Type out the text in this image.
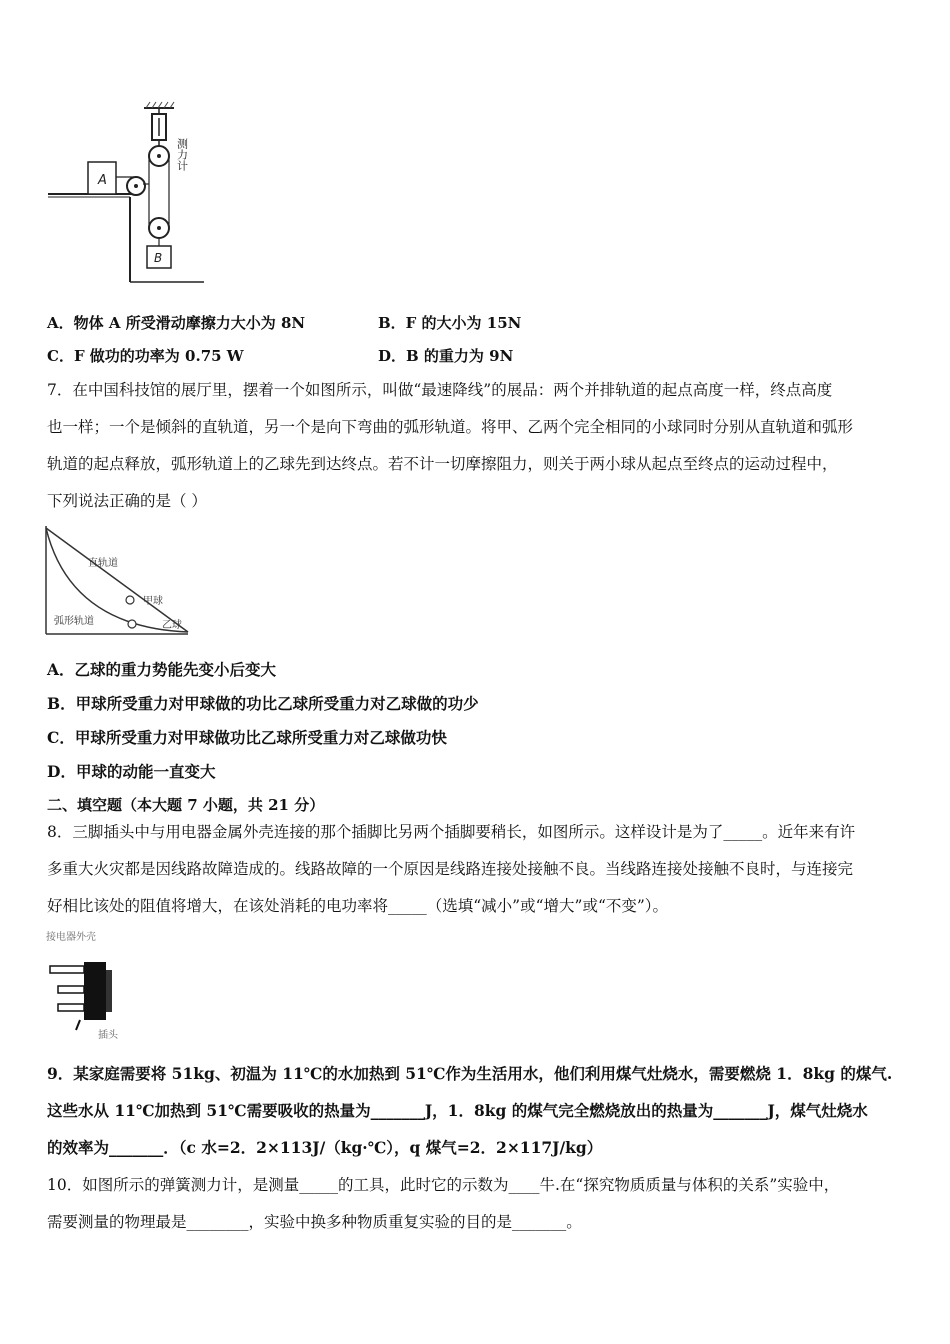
A
B
测力计
A．物体 A 所受滑动摩擦力大小为 8N	B．F 的大小为 15N
C．F 做功的功率为 0.75 W	D．B 的重力为 9N
7．在中国科技馆的展厅里，摆着一个如图所示，叫做“最速降线”的展品：两个并排轨道的起点高度一样，终点高度
也一样；一个是倾斜的直轨道，另一个是向下弯曲的弧形轨道。将甲、乙两个完全相同的小球同时分别从直轨道和弧形
轨道的起点释放，弧形轨道上的乙球先到达终点。若不计一切摩擦阻力，则关于两小球从起点至终点的运动过程中，
下列说法正确的是（ ）
直轨道
甲球
弧形轨道	乙球
A．乙球的重力势能先变小后变大
B．甲球所受重力对甲球做的功比乙球所受重力对乙球做的功少
C．甲球所受重力对甲球做功比乙球所受重力对乙球做功快
D．甲球的动能一直变大
二、填空题（本大题 7 小题，共 21 分）
8．三脚插头中与用电器金属外壳连接的那个插脚比另两个插脚要稍长，如图所示。这样设计是为了_____。近年来有许
多重大火灾都是因线路故障造成的。线路故障的一个原因是线路连接处接触不良。当线路连接处接触不良时，与连接完
好相比该处的阻值将增大，在该处消耗的电功率将_____（选填“减小”或“增大”或“不变”）。
接电器外壳
插头
9．某家庭需要将 51kg、初温为 11℃的水加热到 51℃作为生活用水，他们利用煤气灶烧水，需要燃烧 1．8kg 的煤气.
这些水从 11℃加热到 51℃需要吸收的热量为_______J，1．8kg 的煤气完全燃烧放出的热量为_______J，煤气灶烧水
的效率为_______．（c 水=2．2×113J/（kg·℃），q 煤气=2．2×117J/kg）
10．如图所示的弹簧测力计，是测量_____的工具，此时它的示数为____牛.在“探究物质质量与体积的关系”实验中，
需要测量的物理最是________，实验中换多种物质重复实验的目的是_______。
